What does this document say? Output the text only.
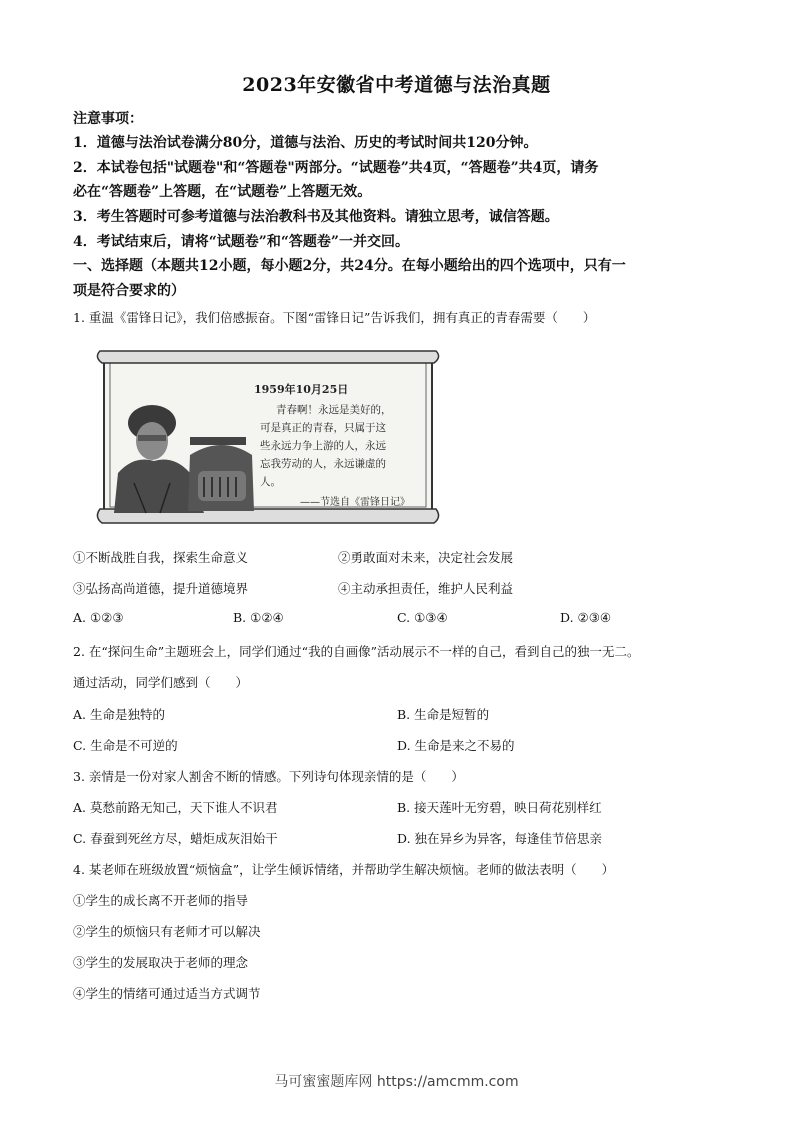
2023年安徽省中考道德与法治真题
注意事项：
1．道德与法治试卷满分80分，道德与法治、历史的考试时间共120分钟。
2．本试卷包括"试题卷"和“答题卷"两部分。“试题卷”共4页，“答题卷”共4页，请务
必在“答题卷”上答题，在“试题卷”上答题无效。
3．考生答题时可参考道德与法治教科书及其他资料。请独立思考，诚信答题。
4．考试结束后，请将“试题卷”和“答题卷”一并交回。
一、选择题（本题共12小题，每小题2分，共24分。在每小题给出的四个选项中，只有一
项是符合要求的）
1. 重温《雷锋日记》，我们倍感振奋。下图“雷锋日记”告诉我们，拥有真正的青春需要（　　）
1959年10月25日
青春啊！永远是美好的，
可是真正的青春，只属于这
些永远力争上游的人，永远
忘我劳动的人，永远谦虚的
人。
——节选自《雷锋日记》
①不断战胜自我，探索生命意义	②勇敢面对未来，决定社会发展
③弘扬高尚道德，提升道德境界	④主动承担责任，维护人民利益
A. ①②③	B. ①②④	C. ①③④	D. ②③④
2. 在“探问生命”主题班会上，同学们通过“我的自画像”活动展示不一样的自己，看到自己的独一无二。
通过活动，同学们感到（　　）
A. 生命是独特的	B. 生命是短暂的
C. 生命是不可逆的	D. 生命是来之不易的
3. 亲情是一份对家人割舍不断的情感。下列诗句体现亲情的是（　　）
A. 莫愁前路无知己，天下谁人不识君	B. 接天莲叶无穷碧，映日荷花别样红
C. 春蚕到死丝方尽，蜡炬成灰泪始干	D. 独在异乡为异客，每逢佳节倍思亲
4. 某老师在班级放置“烦恼盒”，让学生倾诉情绪，并帮助学生解决烦恼。老师的做法表明（　　）
①学生的成长离不开老师的指导
②学生的烦恼只有老师才可以解决
③学生的发展取决于老师的理念
④学生的情绪可通过适当方式调节
马可蜜蜜题库网 https://amcmm.com
